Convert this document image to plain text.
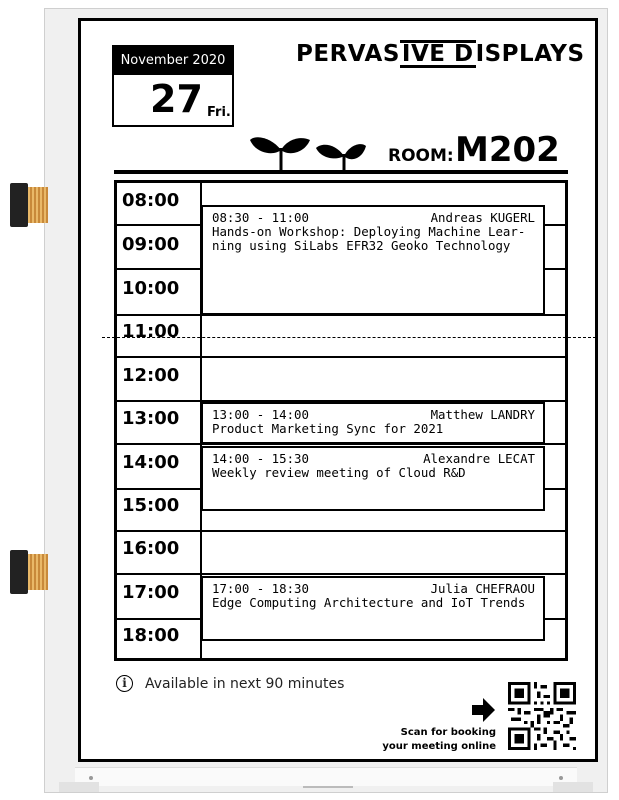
November 2020
27 Fri.
PERVASIVE DISPLAYS
ROOM: M202
08:00
09:00
10:00
11:00
12:00
13:00
14:00
15:00
16:00
17:00
18:00
08:30 - 11:00	Andreas KUGERL
Hands-on Workshop: Deploying Machine Lear-
ning using SiLabs EFR32 Geoko Technology
13:00 - 14:00	Matthew LANDRY
Product Marketing Sync for 2021
14:00 - 15:30	Alexandre LECAT
Weekly review meeting of Cloud R&D
17:00 - 18:30	Julia CHEFRAOU
Edge Computing Architecture and IoT Trends
i	Available in next 90 minutes
Scan for booking
your meeting online
